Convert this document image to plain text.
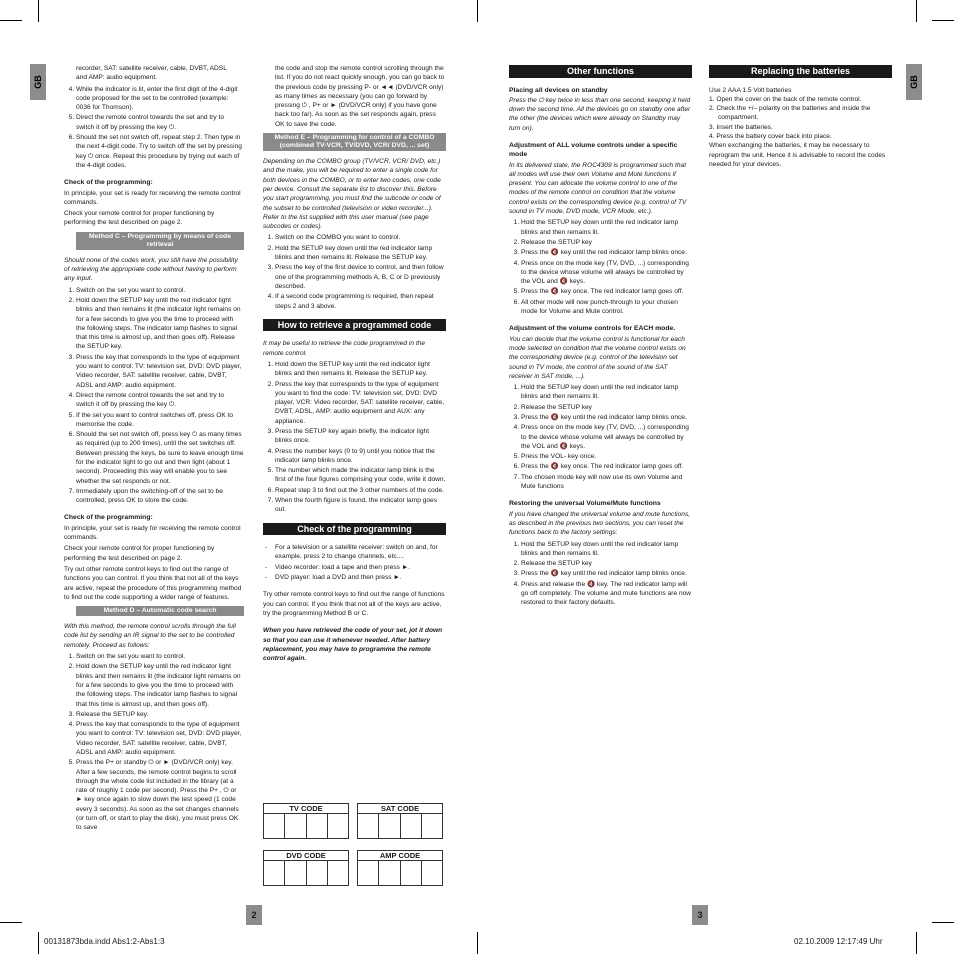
GB	GB

recorder, SAT: satellite receiver, cable, DVBT, ADSL

and AMP: audio equipment.

4. While the indicator is lit, enter the first digit of the 4-digit code proposed for the set to be controlled (example: 0036 for Thomson).
5. Direct the remote control towards the set and try to switch it off by pressing the key ⏻.
6. Should the set not switch off, repeat step 2. Then type in the next 4-digit code. Try to switch off the set by pressing key ⏻ once. Repeat this procedure by trying out each of the 4-digit codes.
Check of the programming:

In principle, your set is ready for receiving the remote control commands.

Check your remote control for proper functioning by performing the test described on page 2.

Method C – Programming by means of code retrieval

Should none of the codes work, you still have the possibility of retrieving the appropriate code without having to perform any input.

1. Switch on the set you want to control.
2. Hold down the SETUP key until the red indicator light blinks and then remains lit (the indicator light remains on for a few seconds to give you the time to proceed with the following steps. The indicator lamp flashes to signal that this time is almost up, and then goes off). Release the SETUP key.
3. Press the key that corresponds to the type of equipment you want to control: TV: television set, DVD: DVD player, Video recorder, SAT: satellite receiver, cable, DVBT, ADSL and AMP: audio equipment.
4. Direct the remote control towards the set and try to switch it off by pressing the key ⏻.
5. If the set you want to control switches off, press OK to memorise the code.
6. Should the set not switch off, press key ⏻ as many times as required (up to 200 times), until the set switches off. Between pressing the keys, be sure to leave enough time for the indicator light to go out and then light (about 1 second). Proceeding this way will enable you to see whether the set responds or not.
7. Immediately upon the switching-off of the set to be controlled, press OK to store the code.
Check of the programming:

In principle, your set is ready for receiving the remote control commands.

Check your remote control for proper functioning by performing the test described on page 2.

Try out other remote control keys to find out the range of functions you can control. If you think that not all of the keys are active, repeat the procedure of this programming method to find out the code supporting a wider range of features.

Method D – Automatic code search

With this method, the remote control scrolls through the full code list by sending an IR signal to the set to be controlled remotely. Proceed as follows:

1. Switch on the set you want to control.
2. Hold down the SETUP key until the red indicator light blinks and then remains lit (the indicator light remains on for a few seconds to give you the time to proceed with the following steps. The indicator lamp flashes to signal that this time is almost up, and then goes off).
3. Release the SETUP key.
4. Press the key that corresponds to the type of equipment you want to control: TV: television set, DVD: DVD player, Video recorder, SAT: satellite receiver, cable, DVBT, ADSL and AMP: audio equipment.
5. Press the P+ or standby ⏻ or ► (DVD/VCR only) key. After a few seconds, the remote control begins to scroll through the whole code list included in the library (at a rate of roughly 1 code per second). Press the P+ , ⏻ or ► key once again to slow down the test speed (1 code every 3 seconds). As soon as the set changes channels (or turn off, or start to play the disk), you must press OK to save

the code and stop the remote control scrolling through the list. If you do not react quickly enough, you can go back to the previous code by pressing P- or ◄◄ (DVD/VCR only) as many times as necessary (you can go forward by pressing ⏻ , P+ or ► (DVD/VCR only) if you have gone back too far). As soon as the set responds again, press OK to save the code.

Method E – Programming for control of a COMBO (combined TV-VCR, TV/DVD, VCR/ DVD, ... set)

Depending on the COMBO group (TV/VCR, VCR/ DVD, etc.) and the make, you will be required to enter a single code for both devices in the COMBO, or to enter two codes, one code per device. Consult the separate list to discover this. Before you start programming, you must find the subcode or code of the subset to be controlled (television or video recorder...). Refer to the list supplied with this user manual (see page subcodes or codes).

1. Switch on the COMBO you want to control.
2. Hold the SETUP key down until the red indicator lamp blinks and then remains lit. Release the SETUP key.
3. Press the key of the first device to control, and then follow one of the programming methods A, B, C or D previously described.
4. If a second code programming is required, then repeat steps 2 and 3 above.
How to retrieve a programmed code

It may be useful to retrieve the code programmed in the remote control.

1. Hold down the SETUP key until the red indicator light blinks and then remains lit. Release the SETUP key.
2. Press the key that corresponds to the type of equipment you want to find the code: TV: television set, DVD: DVD player, VCR: Video recorder, SAT: satellite receiver, cable, DVBT, ADSL, AMP: audio equipment and AUX: any appliance.
3. Press the SETUP key again briefly, the indicator light blinks once.
4. Press the number keys (0 to 9) until you notice that the indicator lamp blinks once.
5. The number which made the indicator lamp blink is the first of the four figures comprising your code, write it down.
6. Repeat step 3 to find out the 3 other numbers of the code.
7. When the fourth figure is found, the indicator lamp goes out.
Check of the programming
- For a television or a satellite receiver: switch on and, for example, press 2 to change channels, etc....
- Video recorder: load a tape and then press ►.
- DVD player: load a DVD and then press ►.

Try other remote control keys to find out the range of functions you can control. If you think that not all of the keys are active, try the programming Method B or C.

When you have retrieved the code of your set, jot it down so that you can use it whenever needed. After battery replacement, you may have to programme the remote control again.

TV CODE	SAT CODE
DVD CODE	AMP CODE
Other functions
Placing all devices on standby

Press the ⏻ key twice in less than one second, keeping it held down the second time. All the devices go on standby one after the other (the devices which were already on Standby may turn on).

Adjustment of ALL volume controls under a specific mode

In its delivered state, the ROC4309 is programmed such that all modes will use their own Volume and Mute functions if present. You can allocate the volume control to one of the modes of the remote control on condition that the volume control exists on the corresponding device (e.g. control of TV sound in TV mode, DVD mode, VCR Mode, etc.).

1. Hold the SETUP key down until the red indicator lamp blinks and then remains lit.
2. Release the SETUP key
3. Press the 🔇 key until the red indicator lamp blinks once.
4. Press once on the mode key (TV, DVD, ...) corresponding to the device whose volume will always be controlled by the VOL and 🔇 keys.
5. Press the 🔇 key once. The red indicator lamp goes off.
6. All other mode will now punch-through to your chosen mode for Volume and Mute control.
Adjustment of the volume controls for EACH mode.

You can decide that the volume control is functional for each mode selected on condition that the volume control exists on the corresponding device (e.g. control of the television set sound in TV mode, the control of the sound of the SAT receiver in SAT mode, ...).

1. Hold the SETUP key down until the red indicator lamp blinks and then remains lit.
2. Release the SETUP key
3. Press the 🔇 key until the red indicator lamp blinks once.
4. Press once on the mode key (TV, DVD, ...) corresponding to the device whose volume will always be controlled by the VOL and 🔇 keys.
5. Press the VOL- key once.
6. Press the 🔇 key once. The red indicator lamp goes off.
7. The chosen mode key will now use its own Volume and Mute functions
Restoring the universal Volume/Mute functions

If you have changed the universal volume and mute functions, as described in the previous two sections, you can reset the functions back to the factory settings:

1. Hold the SETUP key down until the red indicator lamp blinks and then remains lit.
2. Release the SETUP key
3. Press the 🔇 key until the red indicator lamp blinks once.
4. Press and release the 🔇 key. The red indicator lamp will go off completely. The volume and mute functions are now restored to their factory defaults.
Replacing the batteries

Use 2 AAA 1.5 Volt batteries

1. Open the cover on the back of the remote control.

2. Check the +/– polarity on the batteries and inside the compartment.

3. Insert the batteries.

4. Press the battery cover back into place.

When exchanging the batteries, it may be necessary to reprogram the unit. Hence it is advisable to record the codes needed for your devices.

2	3
00131873bda.indd Abs1:2-Abs1:3	02.10.2009 12:17:49 Uhr
